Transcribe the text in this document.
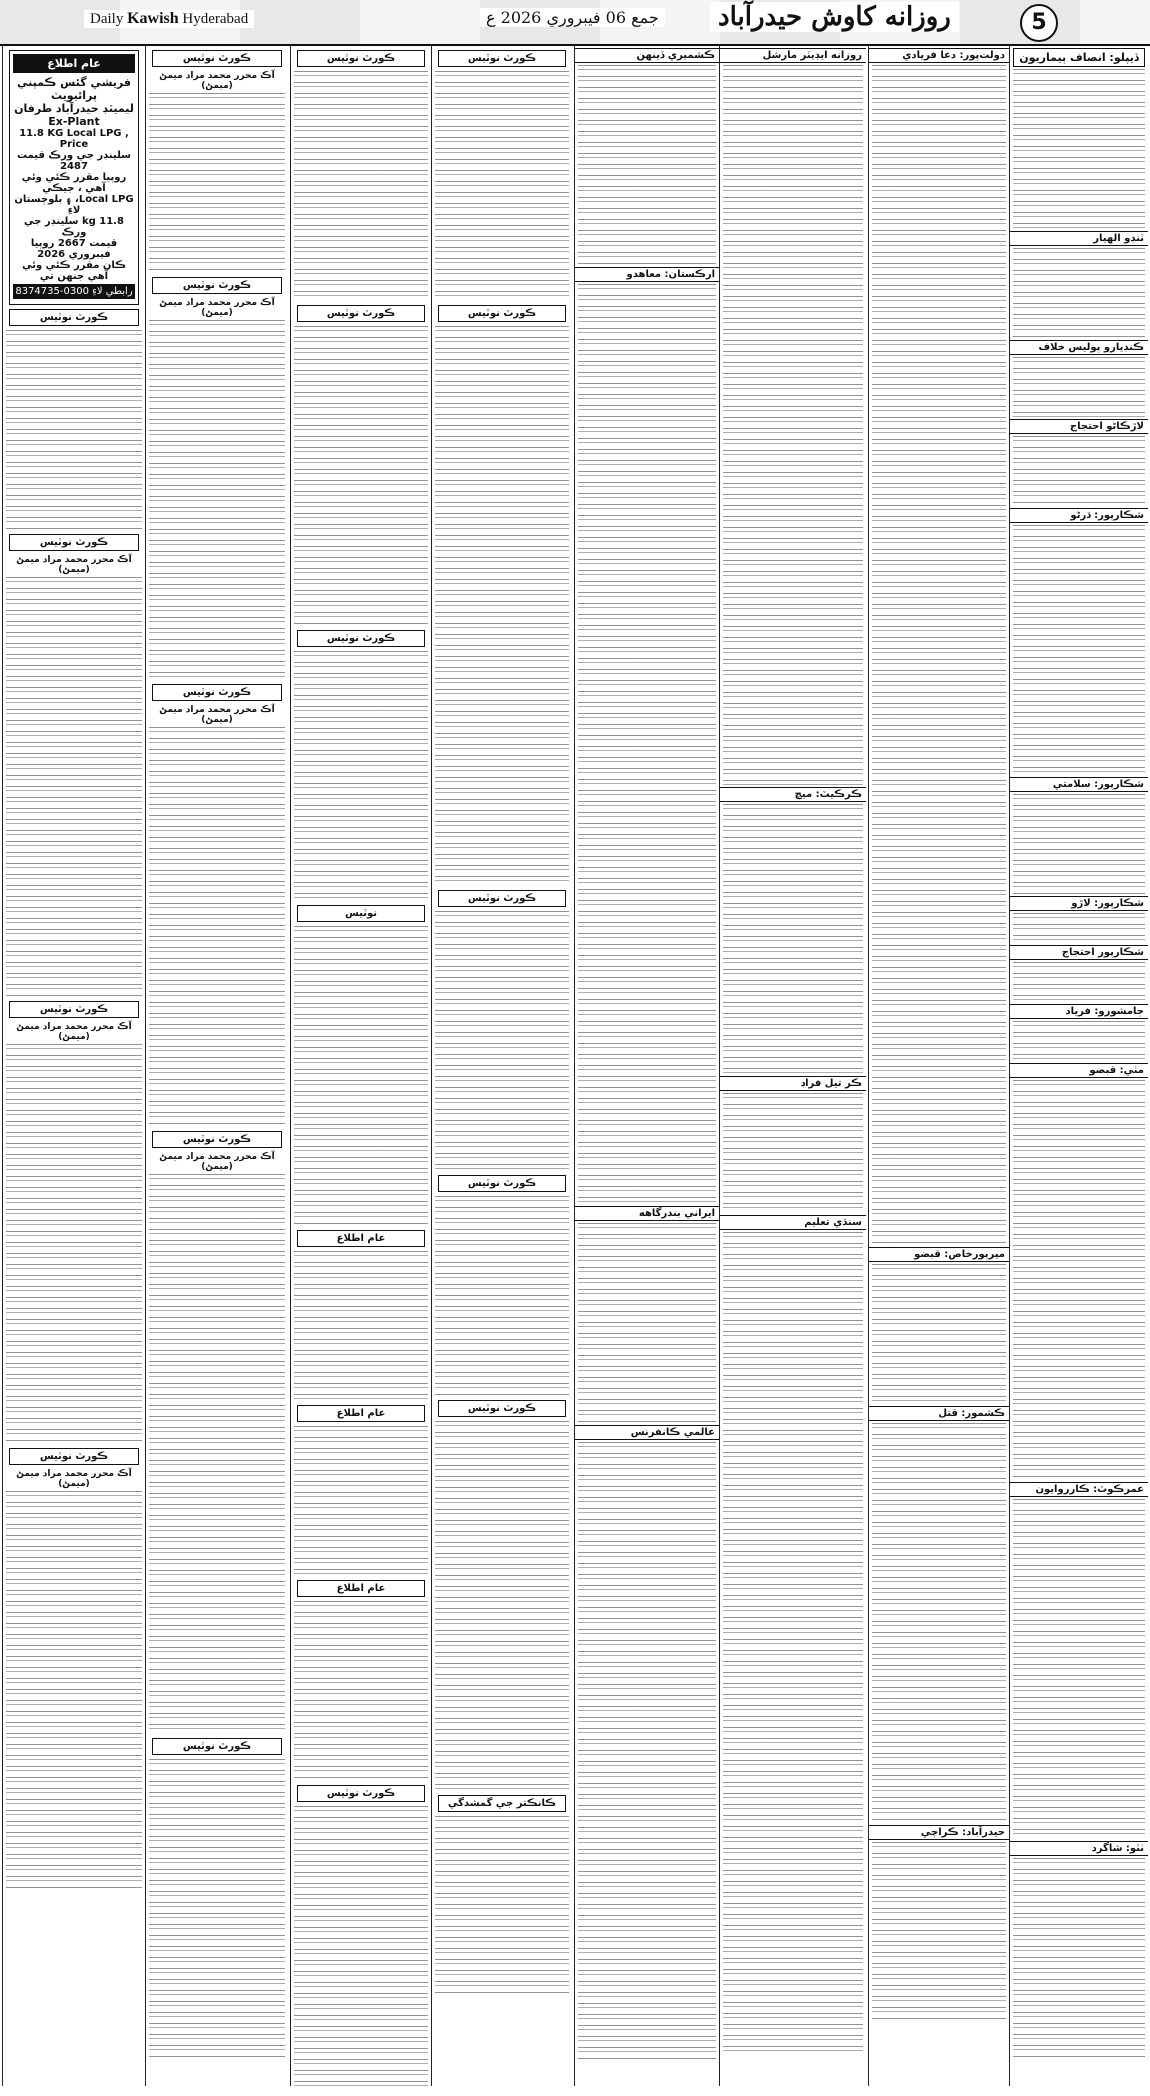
Daily Kawish Hyderabad	جمع 06 فيبروري 2026 ع	روزانه کاوش حيدرآباد	5
ڏيپلو: انصاف ٻيماريون
ٽنڊو الهيار
ڪنڊيارو پوليس خلاف
لاڙڪاڻو احتجاج
شڪارپور: ڌرڻو
شڪارپور: سلامتي
شڪارپور: لاڙو
شڪارپور احتجاج
ڄامشورو: فرياد
مٺي: قبضو
عمرڪوٽ: ڪارروايون
ٺٽو: شاگرد
دولت‌پور: دعا فريادي
ميرپورخاص: قبضو
ڪشمور: قتل
حيدرآباد: ڪراچي
روزانه ايڊيٽر مارشل
ڪرڪيٽ: ميچ
ڪر تيل فراڊ
سنڌي تعليم
ڪشميري ڏينهن
ارڪستان: معاهدو
ايراني بندرگاهه
عالمي ڪانفرنس
ڪورٽ نوٽيس
ڪورٽ نوٽيس
ڪورٽ نوٽيس
ڪورٽ نوٽيس
ڪورٽ نوٽيس
ڪانڪتر جي گمشدگي
ڪورٽ نوٽيس
ڪورٽ نوٽيس
ڪورٽ نوٽيس
نوٽيس
عام اطلاع
عام اطلاع
عام اطلاع
ڪورٽ نوٽيس
ڪورٽ نوٽيس
آڪ محرر محمد مراد ميمڻ (ميمڻ)
ڪورٽ نوٽيس
آڪ محرر محمد مراد ميمڻ (ميمڻ)
ڪورٽ نوٽيس
آڪ محرر محمد مراد ميمڻ (ميمڻ)
ڪورٽ نوٽيس
آڪ محرر محمد مراد ميمڻ (ميمڻ)
ڪورٽ نوٽيس
عام اطلاع
فريشي گئس ڪمپني پرائيويٽ
ليميٽڊ حيدرآباد طرفان Ex-Plant
11.8 KG Local LPG , Price
سلينڊر جي ورڪ قيمت 2487
روپيا مقرر ڪئي وئي آهي ، جيڪي
Local LPG، ۽ بلوچستان لاءِ
11.8 kg سلينڊر جي ورڪ
قيمت 2667 روپيا فيبروري 2026
ڪان مقرر ڪئي وئي آهي جنهن تي
رابطي لاءِ 0300-8374735
ڪورٽ نوٽيس
ڪورٽ نوٽيس
آڪ محرر محمد مراد ميمڻ (ميمڻ)
ڪورٽ نوٽيس
آڪ محرر محمد مراد ميمڻ (ميمڻ)
ڪورٽ نوٽيس
آڪ محرر محمد مراد ميمڻ (ميمڻ)
